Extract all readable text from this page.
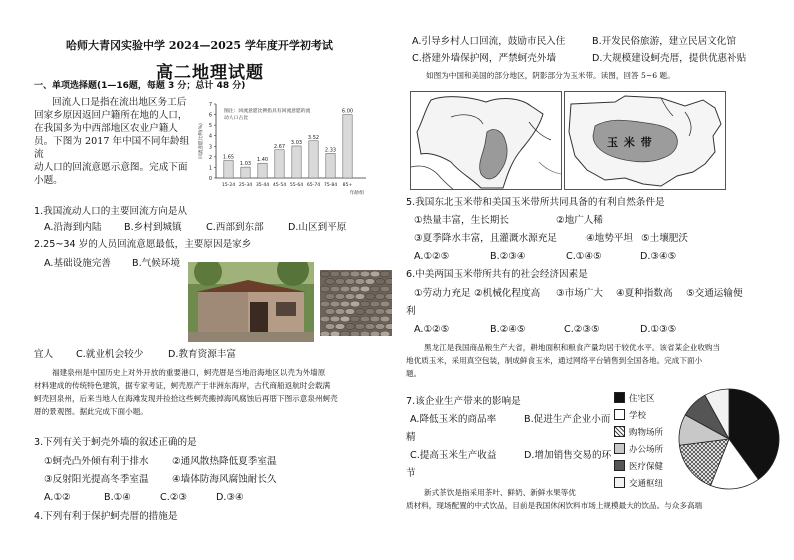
哈师大青冈实验中学 2024—2025 学年度开学初考试
高二地理试题
一、单项选择题(1—16题，每题 3 分；总计 48 分)
回流人口是指在流出地区务工后
回家乡原因返回户籍所在地的人口，
在我国多为中西部地区农业户籍人
员。下图为 2017 年中国不同年龄组流
动人口的回流意愿示意图。完成下面
小题。	0
1
2
3
4
5
6
7
回流意愿比例(%)	1.65
15-24
1.03
25-34
1.40
35-44
2.67
45-54
3.03
55-64
3.52
65-74
2.33
75-84
6.00
85+
年龄组
图注：回流意愿比例指具有回流意愿的流
动人口占比
1.我国流动人口的主要回流方向是从
A.沿海到内陆 B.乡村到城镇	C.西部到东部	D.山区到平原
2.25~34 岁的人员回流意愿最低，主要原因是家乡
A.基础设施完善 B.气候环境
宜人 C.就业机会较少	D.教育资源丰富
福建泉州是中国历史上对外开放的重要港口，蚵壳厝是当地沿海地区以壳为外墙原
材料建成的传统特色建筑，据专家考证，蚵壳原产于非洲东海岸，古代商船返航时会载满
蚵壳回泉州，后来当地人在海滩发现并捡拾这些蚵壳搬掉海风腐蚀后再厝下图示意泉州蚵壳
厝的景观图。据此完成下面小题。
3.下列有关于蚵壳外墙的叙述正确的是
①蚵壳凸外倾有利于排水 ②通风散热降低夏季室温
③反射阳光提高冬季室温 ④墙体防海风腐蚀耐长久
A.①②	B.①④	C.②③	D.③④
4.下列有利于保护蚵壳厝的措施是
A.引导乡村人口回流，鼓励市民入住	B.开发民俗旅游，建立民居文化馆
C.搭建外墙保护网，严禁蚵壳外墙	D.大规模建设蚵壳厝，提供优惠补贴
如图为中国和美国的部分地区，阴影部分为玉米带。读图，回答 5~6 题。
玉 米 带
5.我国东北玉米带和美国玉米带所共同具备的有利自然条件是
①热量丰富，生长期长	②地广人稀
③夏季降水丰富，且灌溉水源充足	④地势平坦 ⑤土壤肥沃
A.①②⑤	B.②③④	C.①④⑤	D.③④⑤
6.中美两国玉米带所共有的社会经济因素是
①劳动力充足 ②机械化程度高 ③市场广大 ④夏种指数高 ⑤交通运输便
利
A.①②⑤	B.②④⑤	C.②③⑤	D.①③⑤
黑龙江是我国商品粮生产大省，耕地面积和粮食产量均居于较优水平。该省某企业收购当
地优质玉米，采用真空包装，制成鲜食玉米，通过网络平台销售到全国各地。完成下面小
题。
7.该企业生产带来的影响是
A.降低玉米的商品率	B.促进生产企业小而
精
C.提高玉米生产收益	D.增加销售交易的环
节
住宅区
学校
购物场所
办公场所
医疗保健
交通枢纽
新式茶饮是指采用茶叶、鲜奶、新鲜水果等优
质材料，现场配置的中式饮品，目前是我国休闲饮料市场上规模最大的饮品。与众多高端
